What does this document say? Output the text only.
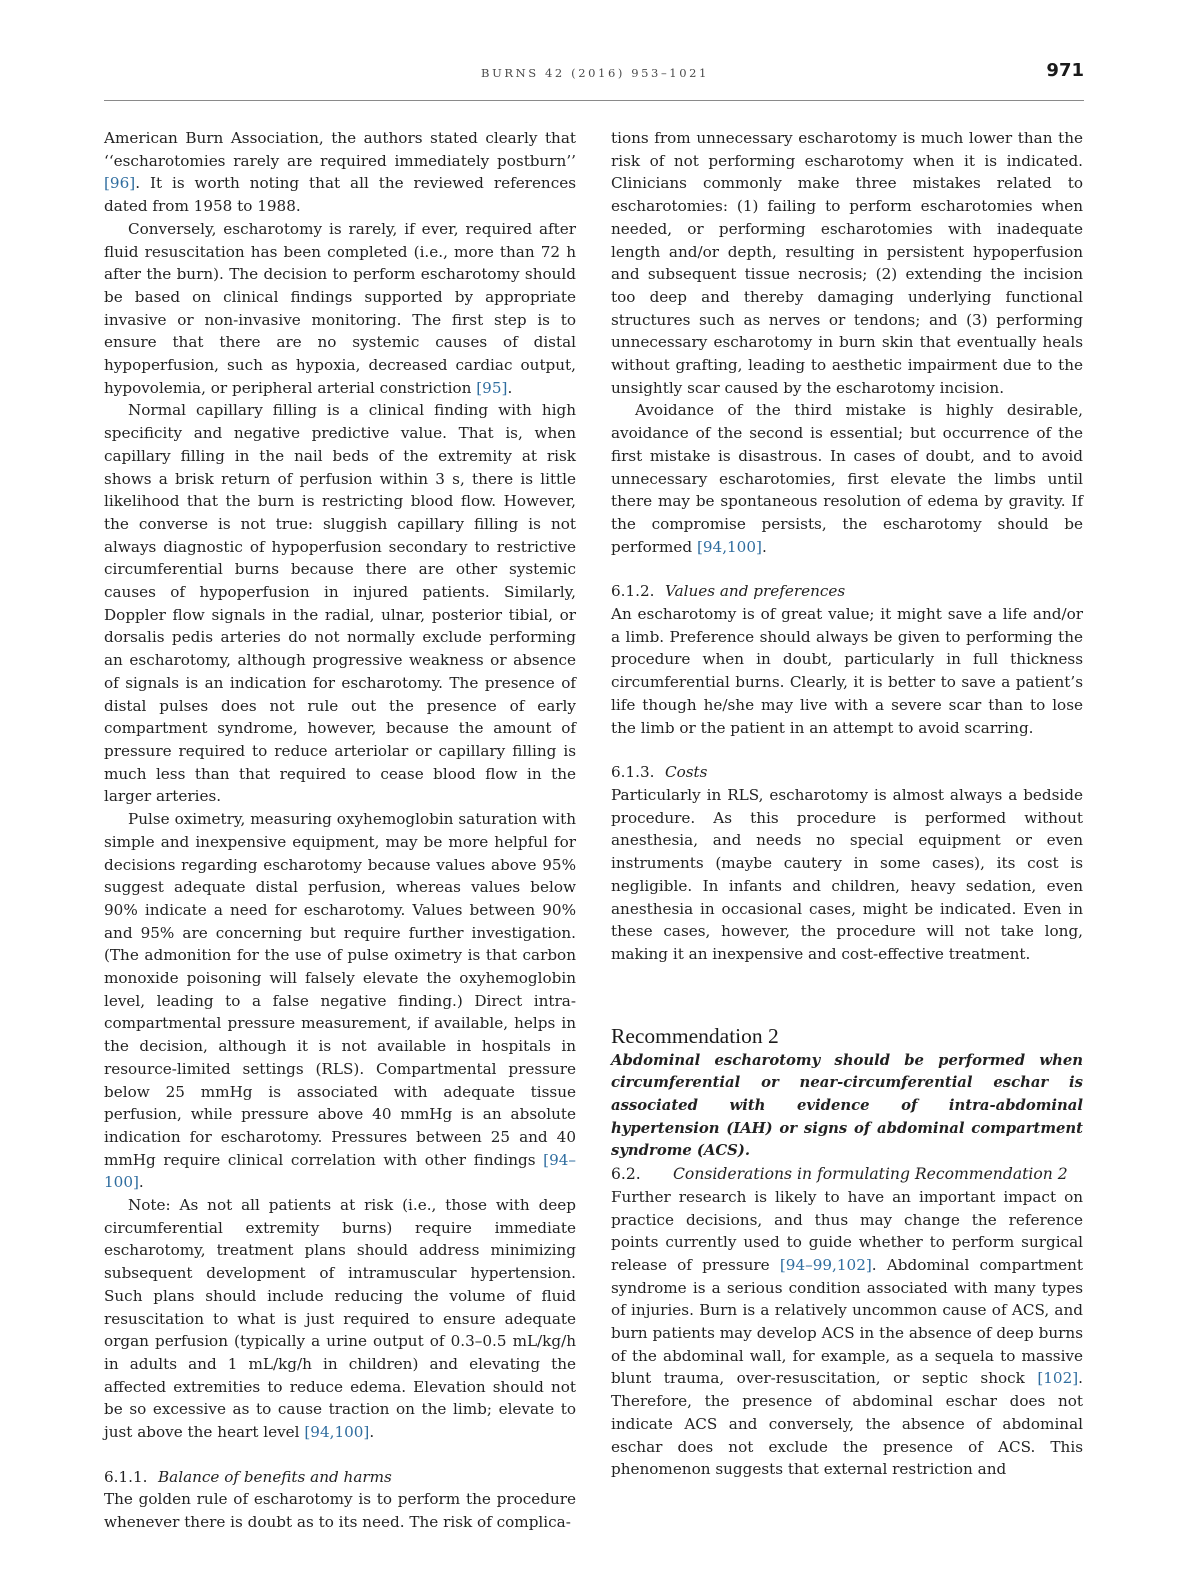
BURNS 42 (2016) 953–1021	971

American Burn Association, the authors stated clearly that ‘‘escharotomies rarely are required immediately postburn’’ [96]. It is worth noting that all the reviewed references dated from 1958 to 1988.

Conversely, escharotomy is rarely, if ever, required after fluid resuscitation has been completed (i.e., more than 72 h after the burn). The decision to perform escharotomy should be based on clinical findings supported by appropriate invasive or non-invasive monitoring. The first step is to ensure that there are no systemic causes of distal hypoperfusion, such as hypoxia, decreased cardiac output, hypovolemia, or peripheral arterial constriction [95].

Normal capillary filling is a clinical finding with high specificity and negative predictive value. That is, when capillary filling in the nail beds of the extremity at risk shows a brisk return of perfusion within 3 s, there is little likelihood that the burn is restricting blood flow. However, the converse is not true: sluggish capillary filling is not always diagnostic of hypoperfusion secondary to restrictive circumferential burns because there are other systemic causes of hypoperfusion in injured patients. Similarly, Doppler flow signals in the radial, ulnar, posterior tibial, or dorsalis pedis arteries do not normally exclude performing an escharotomy, although progressive weakness or absence of signals is an indication for escharotomy. The presence of distal pulses does not rule out the presence of early compartment syndrome, however, because the amount of pressure required to reduce arteriolar or capillary filling is much less than that required to cease blood flow in the larger arteries.

Pulse oximetry, measuring oxyhemoglobin saturation with simple and inexpensive equipment, may be more helpful for decisions regarding escharotomy because values above 95% suggest adequate distal perfusion, whereas values below 90% indicate a need for escharotomy. Values between 90% and 95% are concerning but require further investigation. (The admonition for the use of pulse oximetry is that carbon monoxide poisoning will falsely elevate the oxyhemoglobin level, leading to a false negative finding.) Direct intra-compartmental pressure measurement, if available, helps in the decision, although it is not available in hospitals in resource-limited settings (RLS). Compartmental pressure below 25 mmHg is associated with adequate tissue perfusion, while pressure above 40 mmHg is an absolute indication for escharotomy. Pressures between 25 and 40 mmHg require clinical correlation with other findings [94–100].

Note: As not all patients at risk (i.e., those with deep circumferential extremity burns) require immediate escharotomy, treatment plans should address minimizing subsequent development of intramuscular hypertension. Such plans should include reducing the volume of fluid resuscitation to what is just required to ensure adequate organ perfusion (typically a urine output of 0.3–0.5 mL/kg/h in adults and 1 mL/kg/h in children) and elevating the affected extremities to reduce edema. Elevation should not be so excessive as to cause traction on the limb; elevate to just above the heart level [94,100].

6.1.1. Balance of benefits and harms

The golden rule of escharotomy is to perform the procedure whenever there is doubt as to its need. The risk of complica-

tions from unnecessary escharotomy is much lower than the risk of not performing escharotomy when it is indicated. Clinicians commonly make three mistakes related to escharotomies: (1) failing to perform escharotomies when needed, or performing escharotomies with inadequate length and/or depth, resulting in persistent hypoperfusion and subsequent tissue necrosis; (2) extending the incision too deep and thereby damaging underlying functional structures such as nerves or tendons; and (3) performing unnecessary escharotomy in burn skin that eventually heals without grafting, leading to aesthetic impairment due to the unsightly scar caused by the escharotomy incision.

Avoidance of the third mistake is highly desirable, avoidance of the second is essential; but occurrence of the first mistake is disastrous. In cases of doubt, and to avoid unnecessary escharotomies, first elevate the limbs until there may be spontaneous resolution of edema by gravity. If the compromise persists, the escharotomy should be performed [94,100].

6.1.2. Values and preferences

An escharotomy is of great value; it might save a life and/or a limb. Preference should always be given to performing the procedure when in doubt, particularly in full thickness circumferential burns. Clearly, it is better to save a patient’s life though he/she may live with a severe scar than to lose the limb or the patient in an attempt to avoid scarring.

6.1.3. Costs

Particularly in RLS, escharotomy is almost always a bedside procedure. As this procedure is performed without anesthesia, and needs no special equipment or even instruments (maybe cautery in some cases), its cost is negligible. In infants and children, heavy sedation, even anesthesia in occasional cases, might be indicated. Even in these cases, however, the procedure will not take long, making it an inexpensive and cost-effective treatment.

Recommendation 2

Abdominal escharotomy should be performed when circumferential or near-circumferential eschar is associated with evidence of intra-abdominal hypertension (IAH) or signs of abdominal compartment syndrome (ACS).

6.2. Considerations in formulating Recommendation 2

Further research is likely to have an important impact on practice decisions, and thus may change the reference points currently used to guide whether to perform surgical release of pressure [94–99,102]. Abdominal compartment syndrome is a serious condition associated with many types of injuries. Burn is a relatively uncommon cause of ACS, and burn patients may develop ACS in the absence of deep burns of the abdominal wall, for example, as a sequela to massive blunt trauma, over-resuscitation, or septic shock [102]. Therefore, the presence of abdominal eschar does not indicate ACS and conversely, the absence of abdominal eschar does not exclude the presence of ACS. This phenomenon suggests that external restriction and
